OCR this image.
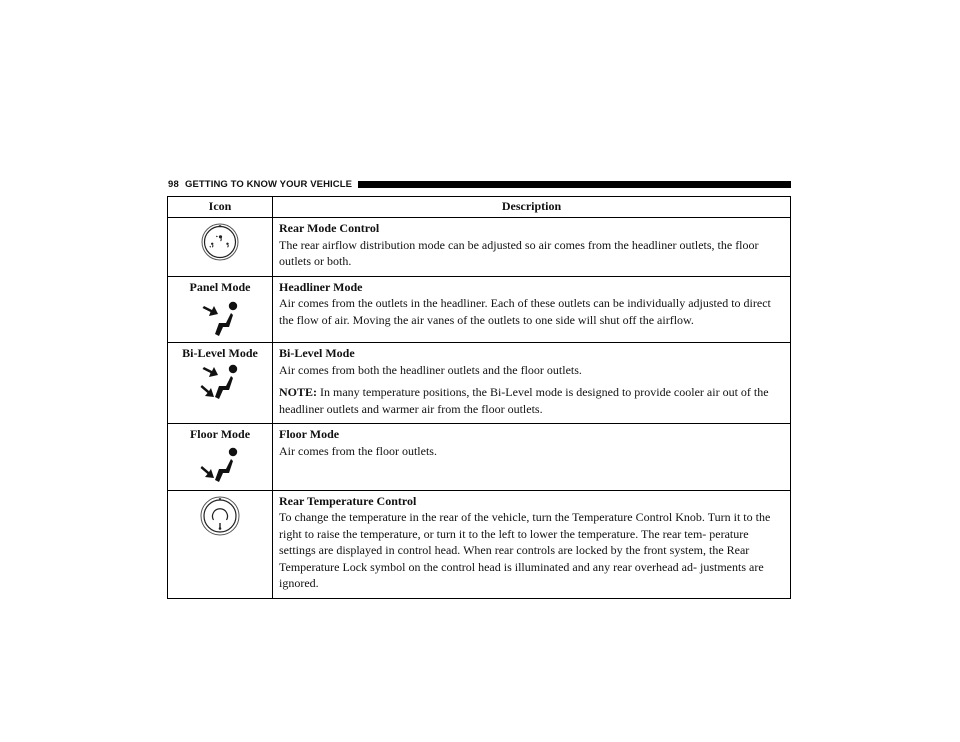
98 GETTING TO KNOW YOUR VEHICLE
Icon	Description

Rear Mode Control
The rear airflow distribution mode can be adjusted so air comes from the headliner outlets, the floor outlets or both.

Panel Mode	Headliner Mode
Air comes from the outlets in the headliner. Each of these outlets can be individually adjusted to direct the flow of air. Moving the air vanes of the outlets to one side will shut off the airflow.

Bi-Level Mode	Bi-Level Mode
Air comes from both the headliner outlets and the floor outlets.
NOTE: In many temperature positions, the Bi-Level mode is designed to provide cooler air out of the headliner outlets and warmer air from the floor outlets.

Floor Mode	Floor Mode
Air comes from the floor outlets.

Rear Temperature Control
To change the temperature in the rear of the vehicle, turn the Temperature Control Knob. Turn it to the right to raise the temperature, or turn it to the left to lower the temperature. The rear tem- perature settings are displayed in control head. When rear controls are locked by the front system, the Rear Temperature Lock symbol on the control head is illuminated and any rear overhead ad- justments are ignored.
